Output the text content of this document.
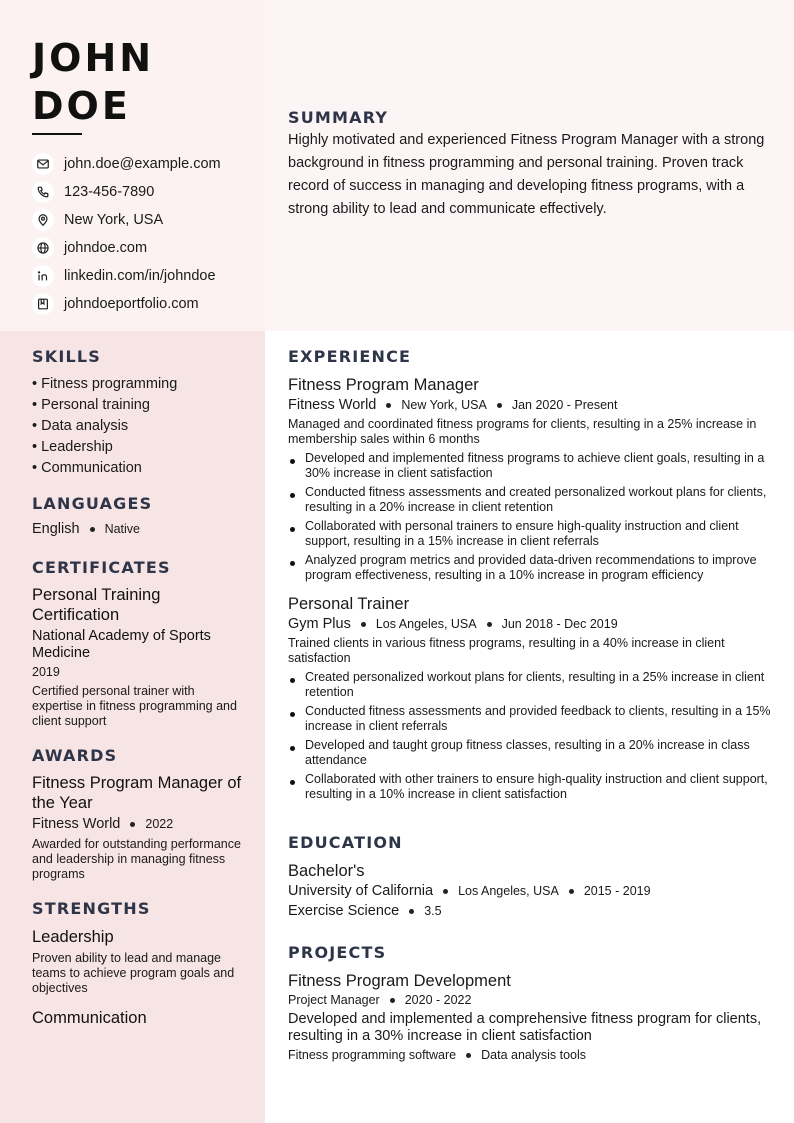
JOHN
DOE
john.doe@example.com
123-456-7890
New York, USA
johndoe.com
linkedin.com/in/johndoe
johndoeportfolio.com
SUMMARY

Highly motivated and experienced Fitness Program Manager with a strong background in fitness programming and personal training. Proven track record of success in managing and developing fitness programs, with a strong ability to lead and communicate effectively.

SKILLS
• Fitness programming
• Personal training
• Data analysis
• Leadership
• Communication
LANGUAGES
English Native
CERTIFICATES
Personal Training Certification
National Academy of Sports Medicine
2019
Certified personal trainer with expertise in fitness programming and client support
AWARDS
Fitness Program Manager of the Year
Fitness World 2022
Awarded for outstanding performance and leadership in managing fitness programs
STRENGTHS
Leadership
Proven ability to lead and manage teams to achieve program goals and objectives
Communication
EXPERIENCE
Fitness Program Manager
Fitness World New York, USA Jan 2020 - Present
Managed and coordinated fitness programs for clients, resulting in a 25% increase in membership sales within 6 months
Developed and implemented fitness programs to achieve client goals, resulting in a 30% increase in client satisfaction
Conducted fitness assessments and created personalized workout plans for clients, resulting in a 20% increase in client retention
Collaborated with personal trainers to ensure high-quality instruction and client support, resulting in a 15% increase in client referrals
Analyzed program metrics and provided data-driven recommendations to improve program effectiveness, resulting in a 10% increase in program efficiency
Personal Trainer
Gym Plus Los Angeles, USA Jun 2018 - Dec 2019
Trained clients in various fitness programs, resulting in a 40% increase in client satisfaction
Created personalized workout plans for clients, resulting in a 25% increase in client retention
Conducted fitness assessments and provided feedback to clients, resulting in a 15% increase in client referrals
Developed and taught group fitness classes, resulting in a 20% increase in class attendance
Collaborated with other trainers to ensure high-quality instruction and client support, resulting in a 10% increase in client satisfaction
EDUCATION
Bachelor's
University of California Los Angeles, USA 2015 - 2019
Exercise Science 3.5
PROJECTS
Fitness Program Development
Project Manager 2020 - 2022
Developed and implemented a comprehensive fitness program for clients, resulting in a 30% increase in client satisfaction
Fitness programming software Data analysis tools
